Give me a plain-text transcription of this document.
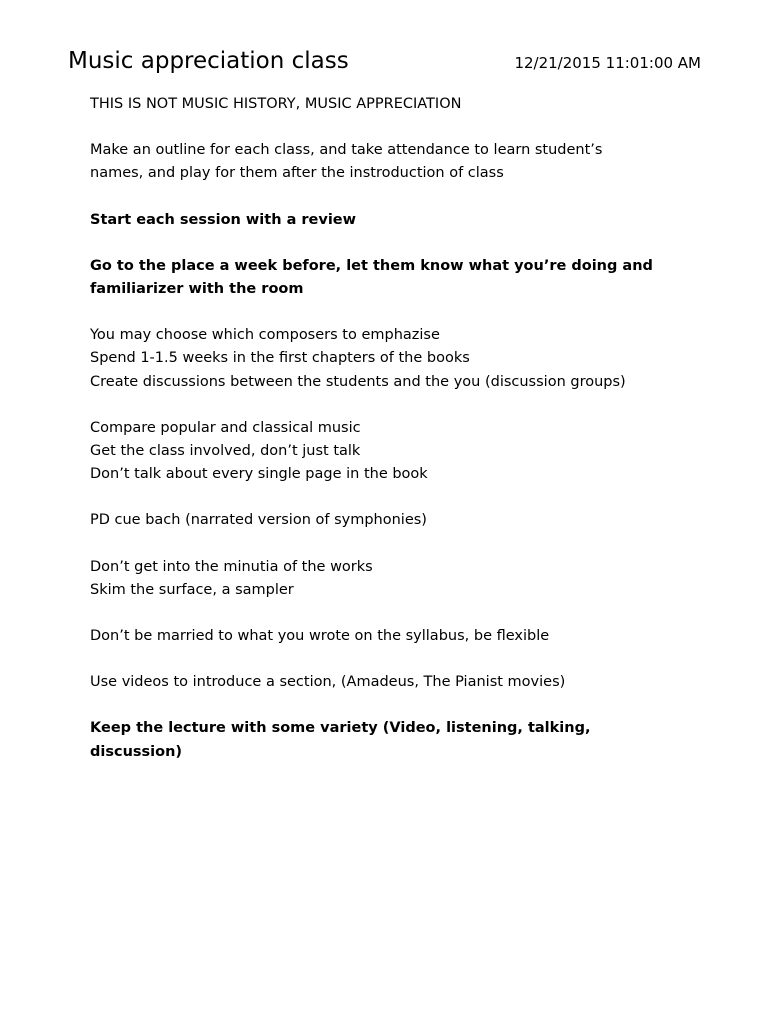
Music appreciation class	12/21/2015 11:01:00 AM
THIS IS NOT MUSIC HISTORY, MUSIC APPRECIATION
Make an outline for each class, and take attendance to learn student’s
names, and play for them after the instroduction of class
Start each session with a review
Go to the place a week before, let them know what you’re doing and
familiarizer with the room
You may choose which composers to emphazise
Spend 1-1.5 weeks in the first chapters of the books
Create discussions between the students and the you (discussion groups)
Compare popular and classical music
Get the class involved, don’t just talk
Don’t talk about every single page in the book
PD cue bach (narrated version of symphonies)
Don’t get into the minutia of the works
Skim the surface, a sampler
Don’t be married to what you wrote on the syllabus, be flexible
Use videos to introduce a section, (Amadeus, The Pianist movies)
Keep the lecture with some variety (Video, listening, talking,
discussion)
